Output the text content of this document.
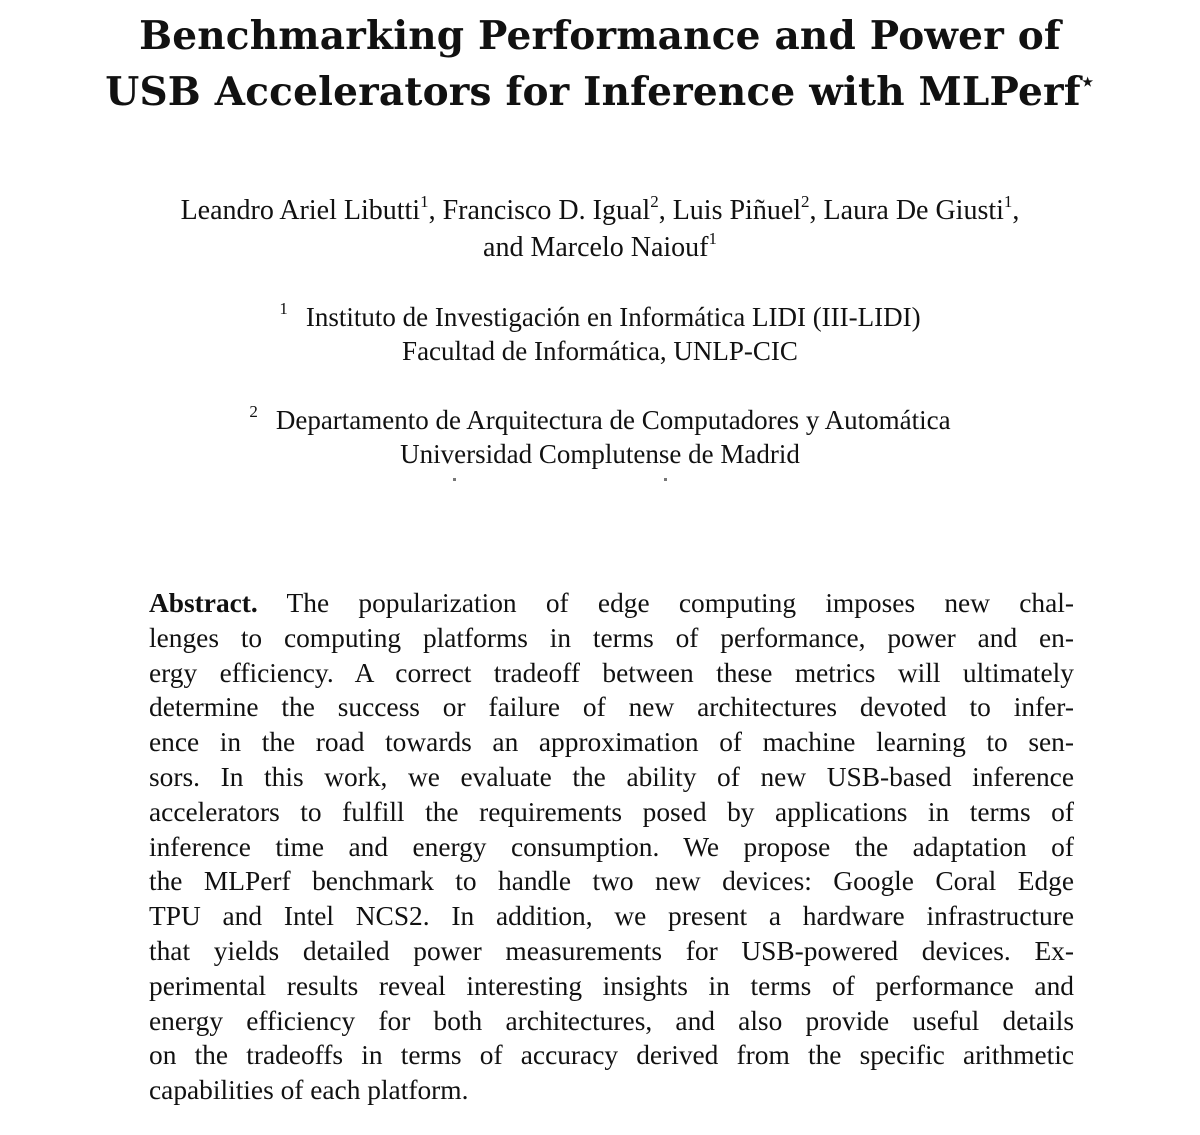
Benchmarking Performance and Power of
USB Accelerators for Inference with MLPerf⋆
Leandro Ariel Libutti$^1$, Francisco D. Igual$^2$, Luis Piñuel$^2$, Laura De Giusti$^1$,
and Marcelo Naiouf$^1$
$^1$ Instituto de Investigación en Informática LIDI (III-LIDI)
Facultad de Informática, UNLP-CIC
$^2$ Departamento de Arquitectura de Computadores y Automática
Universidad Complutense de Madrid
Abstract. The popularization of edge computing imposes new chal-
lenges to computing platforms in terms of performance, power and en-
ergy efficiency. A correct tradeoff between these metrics will ultimately
determine the success or failure of new architectures devoted to infer-
ence in the road towards an approximation of machine learning to sen-
sors. In this work, we evaluate the ability of new USB-based inference
accelerators to fulfill the requirements posed by applications in terms of
inference time and energy consumption. We propose the adaptation of
the MLPerf benchmark to handle two new devices: Google Coral Edge
TPU and Intel NCS2. In addition, we present a hardware infrastructure
that yields detailed power measurements for USB-powered devices. Ex-
perimental results reveal interesting insights in terms of performance and
energy efficiency for both architectures, and also provide useful details
on the tradeoffs in terms of accuracy derived from the specific arithmetic
capabilities of each platform.
